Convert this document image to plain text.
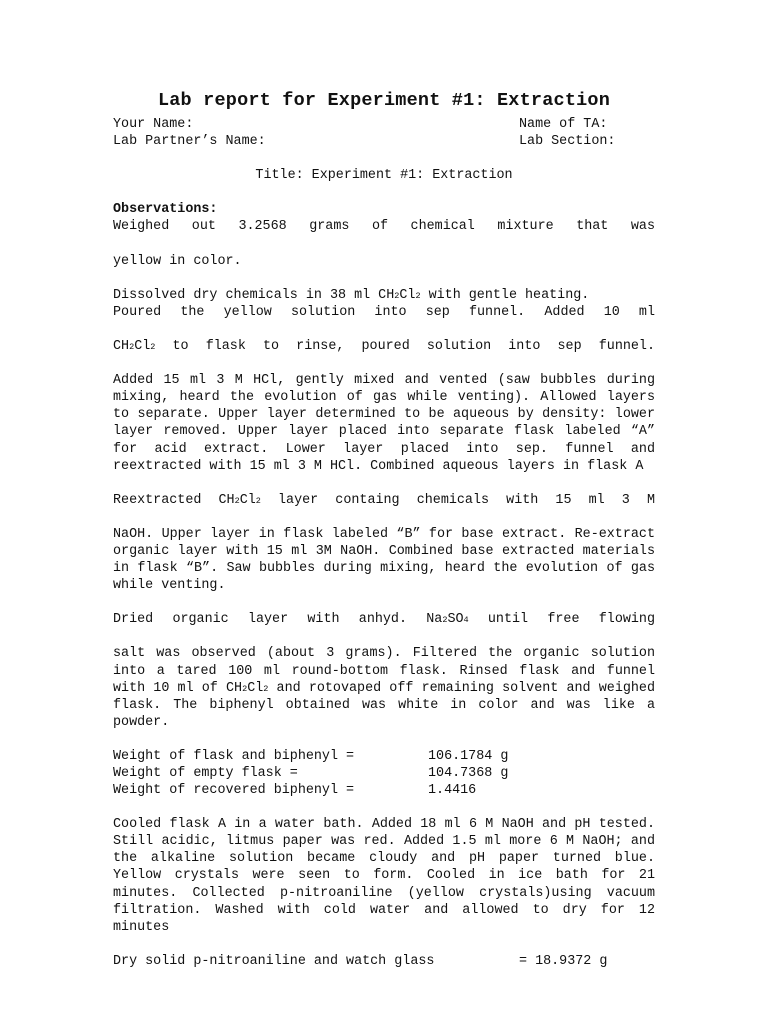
Lab report for Experiment #1: Extraction
Your Name:	Name of TA:
Lab Partner’s Name:	Lab Section:
Title: Experiment #1: Extraction

Observations:

Weighed out 3.2568 grams of chemical mixture that was

yellow in color.

Dissolved dry chemicals in 38 ml CH2Cl2 with gentle heating.

Poured the yellow solution into sep funnel. Added 10 ml

CH2Cl2 to flask to rinse, poured solution into sep funnel.

Added 15 ml 3 M HCl, gently mixed and vented (saw bubbles during mixing, heard the evolution of gas while venting). Allowed layers to separate. Upper layer determined to be aqueous by density: lower layer removed. Upper layer placed into separate flask labeled “A” for acid extract. Lower layer placed into sep. funnel and reextracted with 15 ml 3 M HCl. Combined aqueous layers in flask A

Reextracted CH2Cl2 layer containg chemicals with 15 ml 3 M

NaOH. Upper layer in flask labeled “B” for base extract. Re-extract organic layer with 15 ml 3M NaOH. Combined base extracted materials in flask “B”. Saw bubbles during mixing, heard the evolution of gas while venting.

Dried organic layer with anhyd. Na2SO4 until free flowing

salt was observed (about 3 grams). Filtered the organic solution into a tared 100 ml round-bottom flask. Rinsed flask and funnel with 10 ml of CH2Cl2 and rotovaped off remaining solvent and weighed flask. The biphenyl obtained was white in color and was like a powder.

Weight of flask and biphenyl =	106.1784 g
Weight of empty flask =	104.7368 g
Weight of recovered biphenyl =	1.4416

Cooled flask A in a water bath. Added 18 ml 6 M NaOH and pH tested. Still acidic, litmus paper was red. Added 1.5 ml more 6 M NaOH; and the alkaline solution became cloudy and pH paper turned blue. Yellow crystals were seen to form. Cooled in ice bath for 21 minutes. Collected p-nitroaniline (yellow crystals)using vacuum filtration. Washed with cold water and allowed to dry for 12 minutes

Dry solid p-nitroaniline and watch glass	= 18.9372 g
